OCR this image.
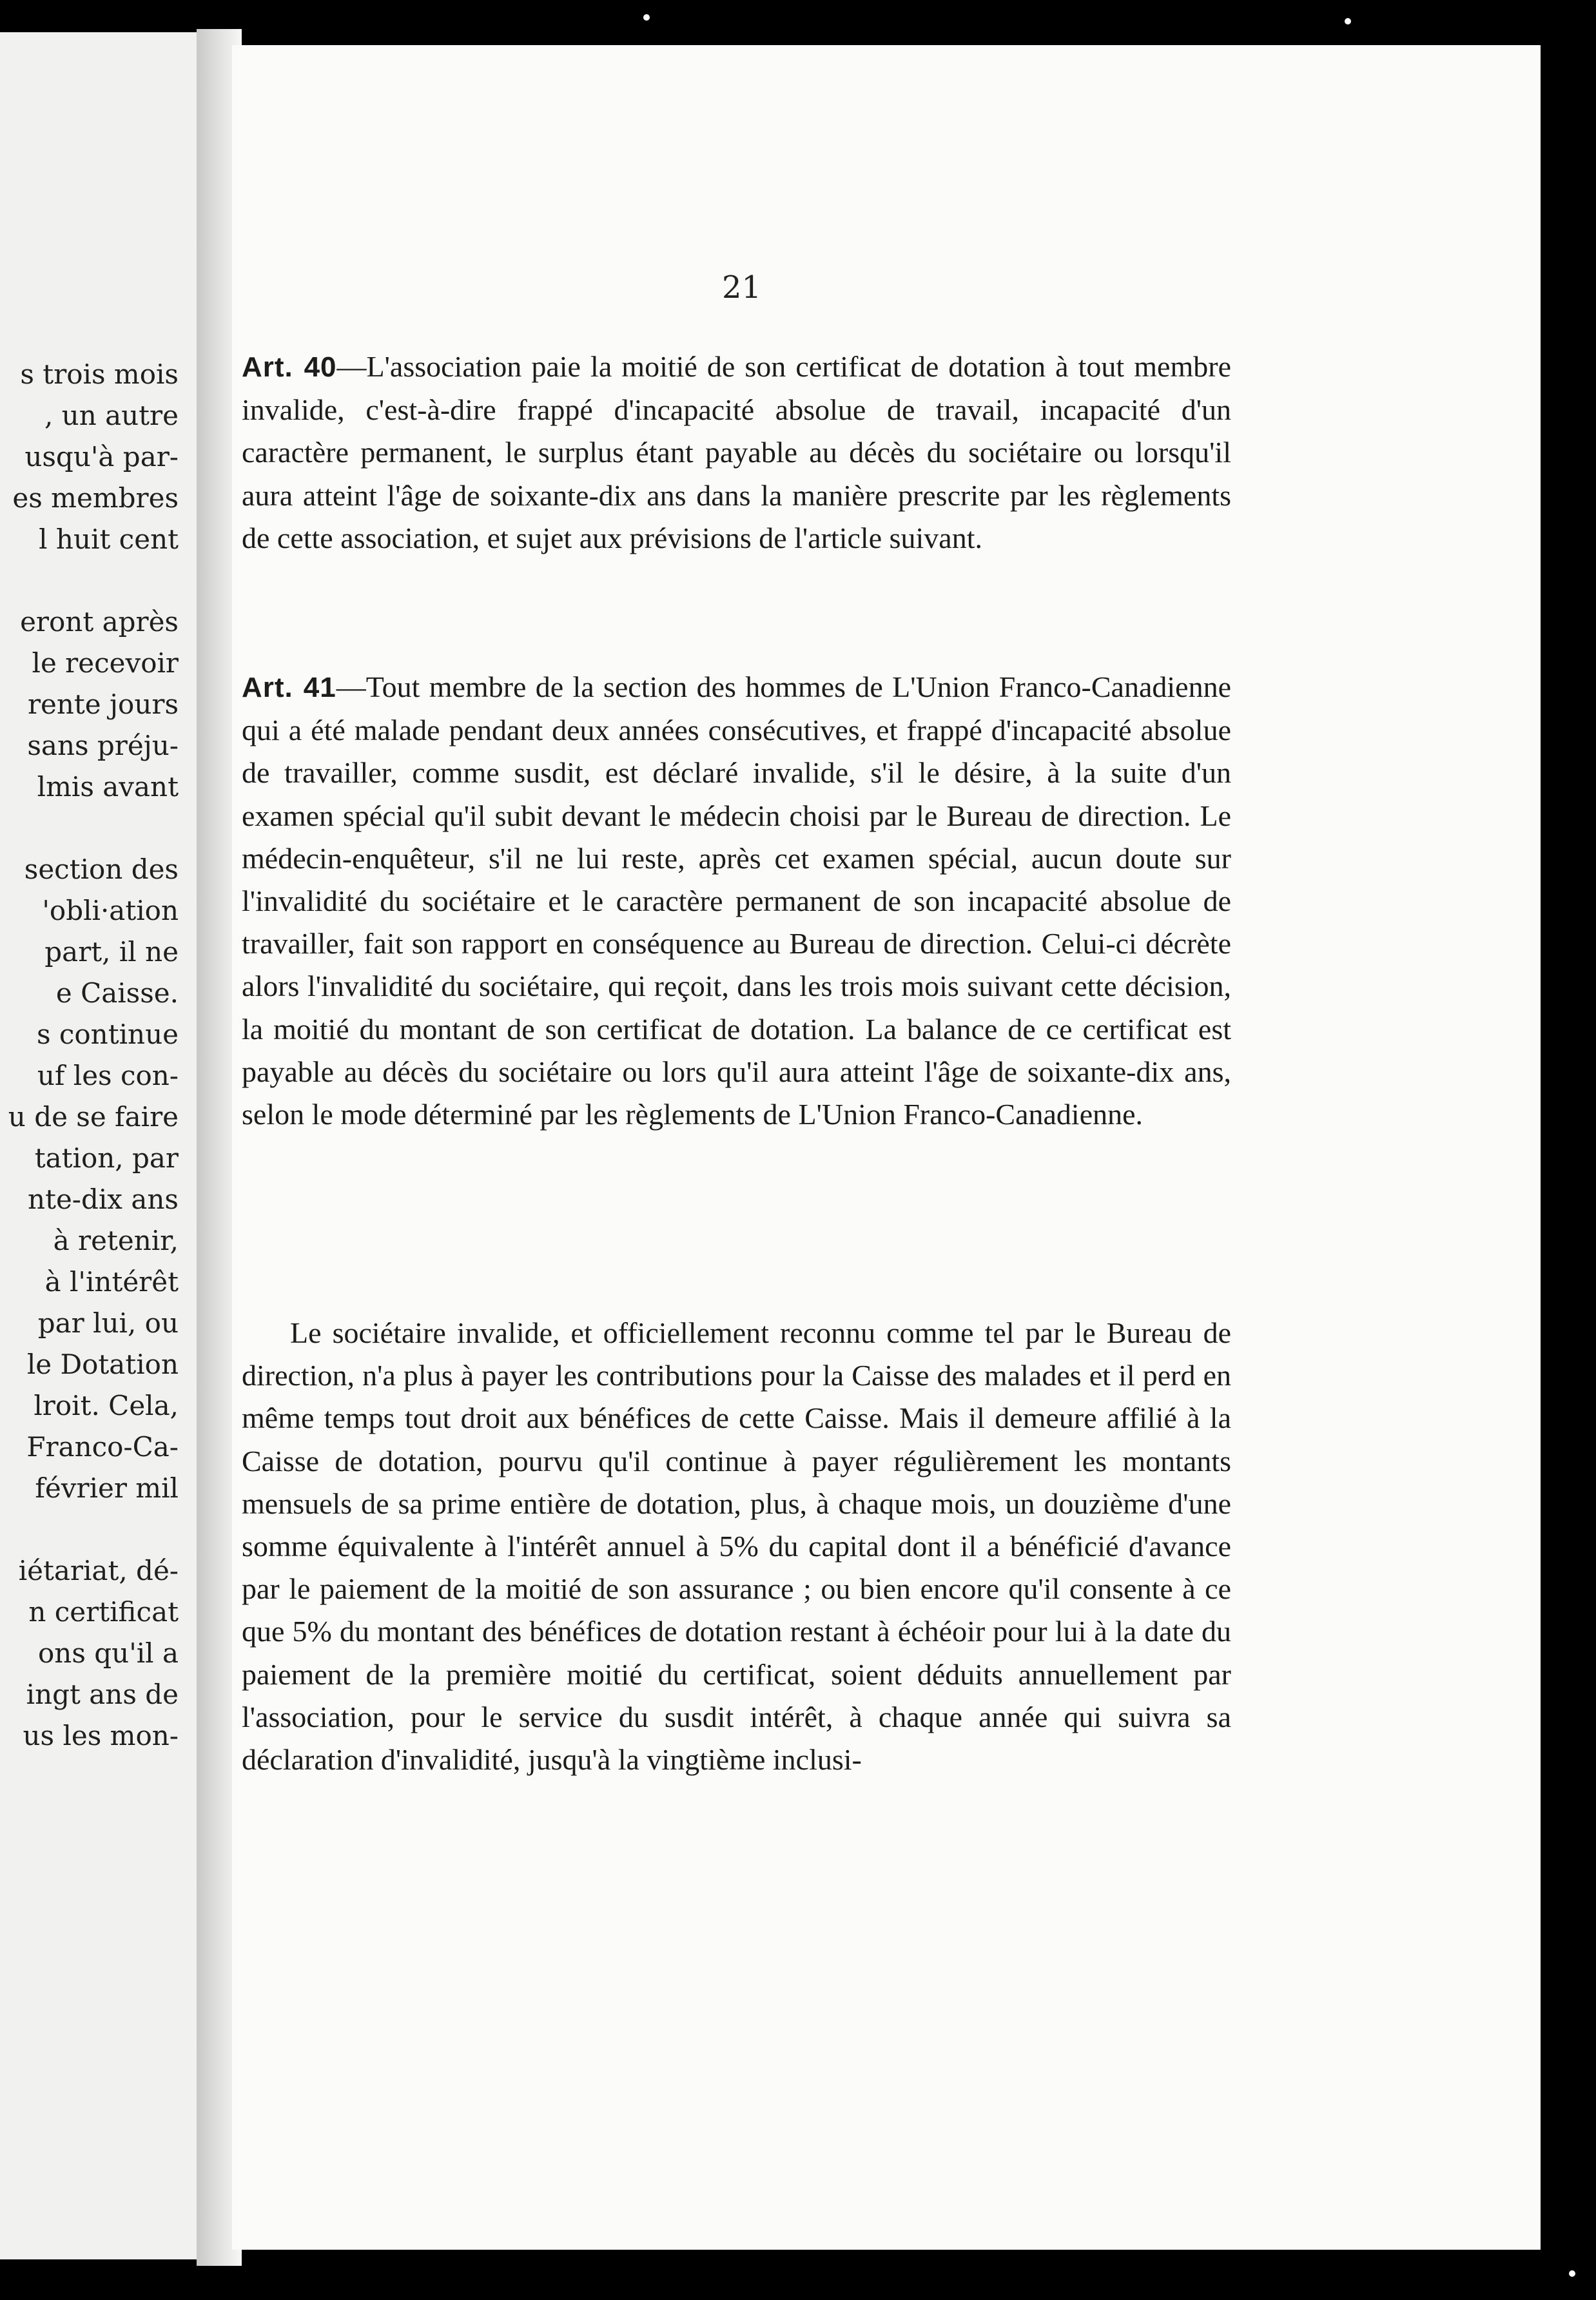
s trois mois
, un autre
usqu'à par-
es membres
l huit cent
eront après
le recevoir
rente jours
sans préju-
lmis avant
section des
'obli·ation
part, il ne
e Caisse.
s continue
uf les con-
u de se faire
tation, par
nte-dix ans
à retenir,
à l'intérêt
par lui, ou
le Dotation
lroit. Cela,
Franco-Ca-
février mil
iétariat, dé-
n certificat
ons qu'il a
ingt ans de
us les mon-
21
Art. 40—L'association paie la moitié de son certificat de dotation à tout membre invalide, c'est-à-dire frappé d'incapacité absolue de travail, incapacité d'un caractère permanent, le surplus étant payable au décès du sociétaire ou lorsqu'il aura atteint l'âge de soixante-dix ans dans la manière prescrite par les règlements de cette association, et sujet aux prévisions de l'article suivant.
Art. 41—Tout membre de la section des hommes de L'Union Franco-Canadienne qui a été malade pendant deux années consécutives, et frappé d'incapacité absolue de travailler, comme susdit, est déclaré invalide, s'il le désire, à la suite d'un examen spécial qu'il subit devant le médecin choisi par le Bureau de direction. Le médecin-enquêteur, s'il ne lui reste, après cet examen spécial, aucun doute sur l'invalidité du sociétaire et le caractère permanent de son incapacité absolue de travailler, fait son rapport en conséquence au Bureau de direction. Celui-ci décrète alors l'invalidité du sociétaire, qui reçoit, dans les trois mois suivant cette décision, la moitié du montant de son certificat de dotation. La balance de ce certificat est payable au décès du sociétaire ou lors qu'il aura atteint l'âge de soixante-dix ans, selon le mode déterminé par les règlements de L'Union Franco-Canadienne.
Le sociétaire invalide, et officiellement reconnu comme tel par le Bureau de direction, n'a plus à payer les contributions pour la Caisse des malades et il perd en même temps tout droit aux bénéfices de cette Caisse. Mais il demeure affilié à la Caisse de dotation, pourvu qu'il continue à payer régulièrement les montants mensuels de sa prime entière de dotation, plus, à chaque mois, un douzième d'une somme équivalente à l'intérêt annuel à 5% du capital dont il a bénéficié d'avance par le paiement de la moitié de son assurance ; ou bien encore qu'il consente à ce que 5% du montant des bénéfices de dotation restant à échéoir pour lui à la date du paiement de la première moitié du certificat, soient déduits annuellement par l'association, pour le service du susdit intérêt, à chaque année qui suivra sa déclaration d'invalidité, jusqu'à la vingtième inclusi-
